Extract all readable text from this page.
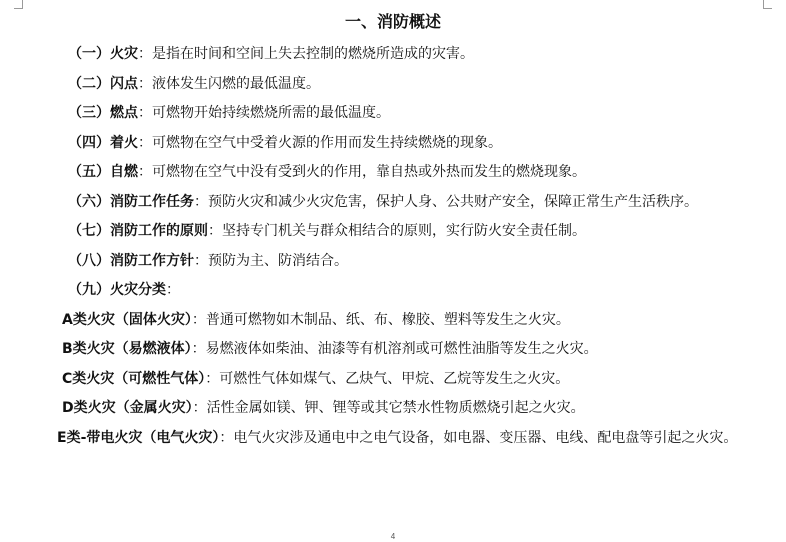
一、消防概述
（一）火灾：是指在时间和空间上失去控制的燃烧所造成的灾害。
（二）闪点：液体发生闪燃的最低温度。
（三）燃点：可燃物开始持续燃烧所需的最低温度。
（四）着火：可燃物在空气中受着火源的作用而发生持续燃烧的现象。
（五）自燃：可燃物在空气中没有受到火的作用，靠自热或外热而发生的燃烧现象。
（六）消防工作任务：预防火灾和减少火灾危害，保护人身、公共财产安全，保障正常生产生活秩序。
（七）消防工作的原则：坚持专门机关与群众相结合的原则，实行防火安全责任制。
（八）消防工作方针：预防为主、防消结合。
（九）火灾分类：
A类火灾（固体火灾）：普通可燃物如木制品、纸、布、橡胶、塑料等发生之火灾。
B类火灾（易燃液体）：易燃液体如柴油、油漆等有机溶剂或可燃性油脂等发生之火灾。
C类火灾（可燃性气体）：可燃性气体如煤气、乙炔气、甲烷、乙烷等发生之火灾。
D类火灾（金属火灾）：活性金属如镁、钾、锂等或其它禁水性物质燃烧引起之火灾。
E类-带电火灾（电气火灾）：电气火灾涉及通电中之电气设备，如电器、变压器、电线、配电盘等引起之火灾。
4
